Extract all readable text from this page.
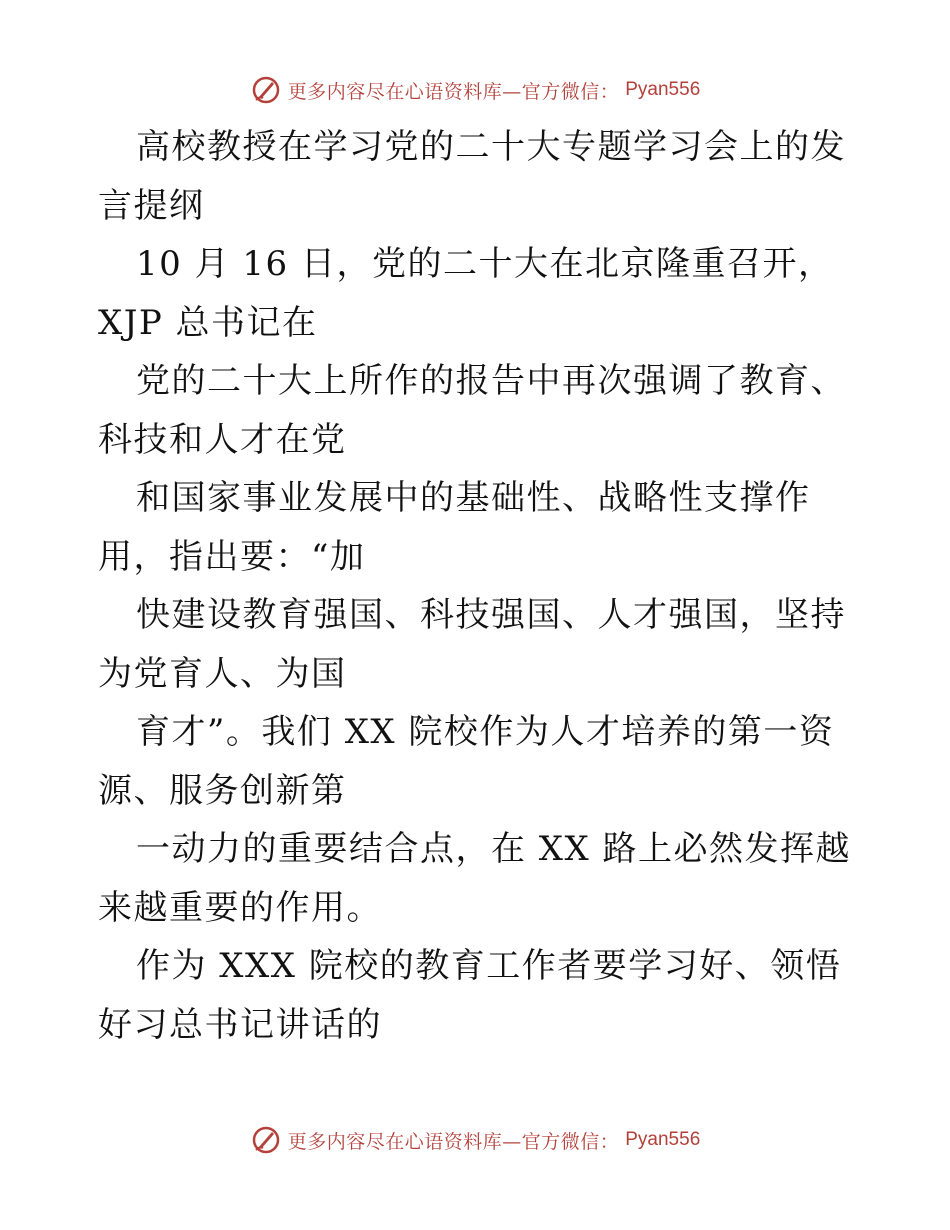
更多内容尽在心语资料库—官方微信： Pyan556

高校教授在学习党的二十大专题学习会上的发言提纲

10 月 16 日，党的二十大在北京隆重召开，XJP 总书记在

党的二十大上所作的报告中再次强调了教育、科技和人才在党

和国家事业发展中的基础性、战略性支撑作用，指出要：“加

快建设教育强国、科技强国、人才强国，坚持为党育人、为国

育才”。我们 XX 院校作为人才培养的第一资源、服务创新第

一动力的重要结合点，在 XX 路上必然发挥越来越重要的作用。

作为 XXX 院校的教育工作者要学习好、领悟好习总书记讲话的

更多内容尽在心语资料库—官方微信： Pyan556
